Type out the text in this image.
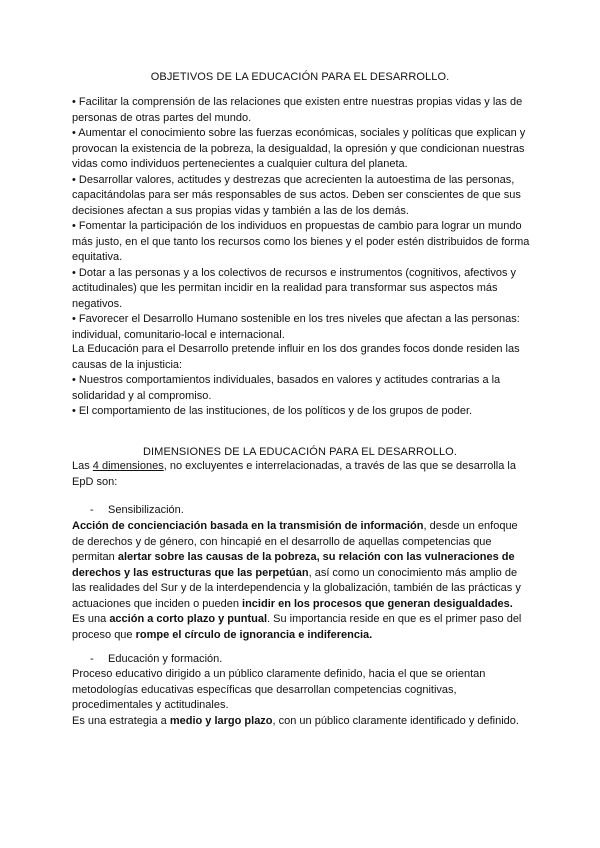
OBJETIVOS DE LA EDUCACIÓN PARA EL DESARROLLO.

• Facilitar la comprensión de las relaciones que existen entre nuestras propias vidas y las de personas de otras partes del mundo.

• Aumentar el conocimiento sobre las fuerzas económicas, sociales y políticas que explican y provocan la existencia de la pobreza, la desigualdad, la opresión y que condicionan nuestras vidas como individuos pertenecientes a cualquier cultura del planeta.

• Desarrollar valores, actitudes y destrezas que acrecienten la autoestima de las personas, capacitándolas para ser más responsables de sus actos. Deben ser conscientes de que sus decisiones afectan a sus propias vidas y también a las de los demás.

• Fomentar la participación de los individuos en propuestas de cambio para lograr un mundo más justo, en el que tanto los recursos como los bienes y el poder estén distribuidos de forma equitativa.

• Dotar a las personas y a los colectivos de recursos e instrumentos (cognitivos, afectivos y actitudinales) que les permitan incidir en la realidad para transformar sus aspectos más negativos.

• Favorecer el Desarrollo Humano sostenible en los tres niveles que afectan a las personas: individual, comunitario-local e internacional.

La Educación para el Desarrollo pretende influir en los dos grandes focos donde residen las causas de la injusticia:

• Nuestros comportamientos individuales, basados en valores y actitudes contrarias a la solidaridad y al compromiso.

• El comportamiento de las instituciones, de los políticos y de los grupos de poder.

DIMENSIONES DE LA EDUCACIÓN PARA EL DESARROLLO.

Las 4 dimensiones, no excluyentes e interrelacionadas, a través de las que se desarrolla la EpD son:

- Sensibilización.

Acción de concienciación basada en la transmisión de información, desde un enfoque de derechos y de género, con hincapié en el desarrollo de aquellas competencias que permitan alertar sobre las causas de la pobreza, su relación con las vulneraciones de derechos y las estructuras que las perpetúan, así como un conocimiento más amplio de las realidades del Sur y de la interdependencia y la globalización, también de las prácticas y actuaciones que inciden o pueden incidir en los procesos que generan desigualdades.

Es una acción a corto plazo y puntual. Su importancia reside en que es el primer paso del proceso que rompe el círculo de ignorancia e indiferencia.

- Educación y formación.

Proceso educativo dirigido a un público claramente definido, hacia el que se orientan metodologías educativas específicas que desarrollan competencias cognitivas, procedimentales y actitudinales.

Es una estrategia a medio y largo plazo, con un público claramente identificado y definido.
